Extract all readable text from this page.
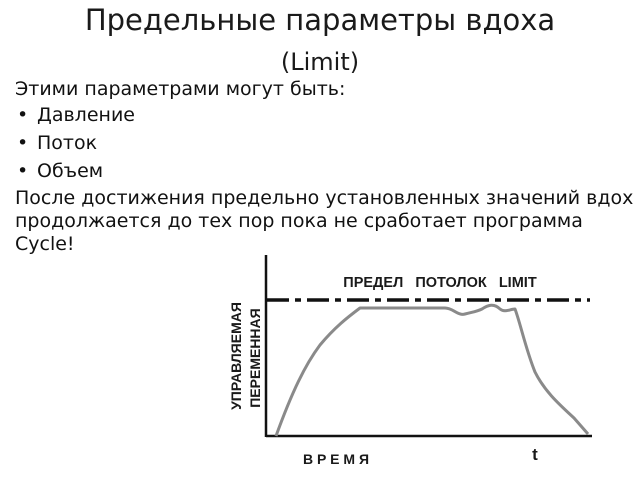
Предельные параметры вдоха
(Limit)

Этими параметрами могут быть:

• Давление
• Поток
• Объем

После достижения предельно установленных значений вдох продолжается до тех пор пока не сработает программа Cycle!

ПРЕДЕЛ   ПОТОЛОК   LIMIT
УПРАВЛЯЕМАЯ ПЕРЕМЕННАЯ
В Р Е М Я	t
